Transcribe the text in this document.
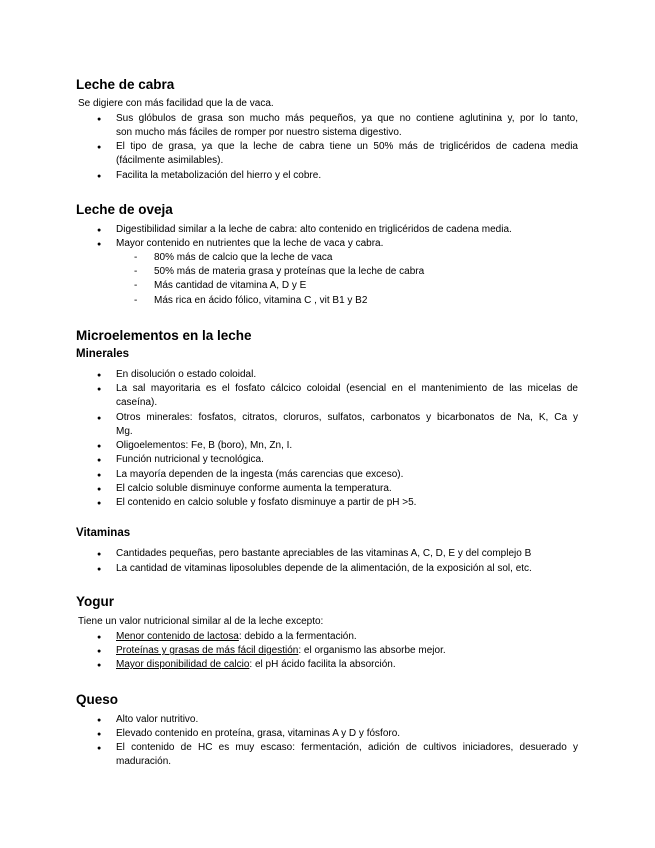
Leche de cabra
Se digiere con más facilidad que la de vaca.
● Sus glóbulos de grasa son mucho más pequeños, ya que no contiene aglutinina y, por lo tanto,
son mucho más fáciles de romper por nuestro sistema digestivo.
● El tipo de grasa, ya que la leche de cabra tiene un 50% más de triglicéridos de cadena media
(fácilmente asimilables).
● Facilita la metabolización del hierro y el cobre.
Leche de oveja
● Digestibilidad similar a la leche de cabra: alto contenido en triglicéridos de cadena media.
● Mayor contenido en nutrientes que la leche de vaca y cabra.
- 80% más de calcio que la leche de vaca
- 50% más de materia grasa y proteínas que la leche de cabra
- Más cantidad de vitamina A, D y E
- Más rica en ácido fólico, vitamina C , vit B1 y B2
Microelementos en la leche
Minerales
● En disolución o estado coloidal.
● La sal mayoritaria es el fosfato cálcico coloidal (esencial en el mantenimiento de las micelas de
caseína).
● Otros minerales: fosfatos, citratos, cloruros, sulfatos, carbonatos y bicarbonatos de Na, K, Ca y
Mg.
● Oligoelementos: Fe, B (boro), Mn, Zn, I.
● Función nutricional y tecnológica.
● La mayoría dependen de la ingesta (más carencias que exceso).
● El calcio soluble disminuye conforme aumenta la temperatura.
● El contenido en calcio soluble y fosfato disminuye a partir de pH >5.
Vitaminas
● Cantidades pequeñas, pero bastante apreciables de las vitaminas A, C, D, E y del complejo B
● La cantidad de vitaminas liposolubles depende de la alimentación, de la exposición al sol, etc.
Yogur
Tiene un valor nutricional similar al de la leche excepto:
● Menor contenido de lactosa: debido a la fermentación.
● Proteínas y grasas de más fácil digestión: el organismo las absorbe mejor.
● Mayor disponibilidad de calcio: el pH ácido facilita la absorción.
Queso
● Alto valor nutritivo.
● Elevado contenido en proteína, grasa, vitaminas A y D y fósforo.
● El contenido de HC es muy escaso: fermentación, adición de cultivos iniciadores, desuerado y
maduración.
